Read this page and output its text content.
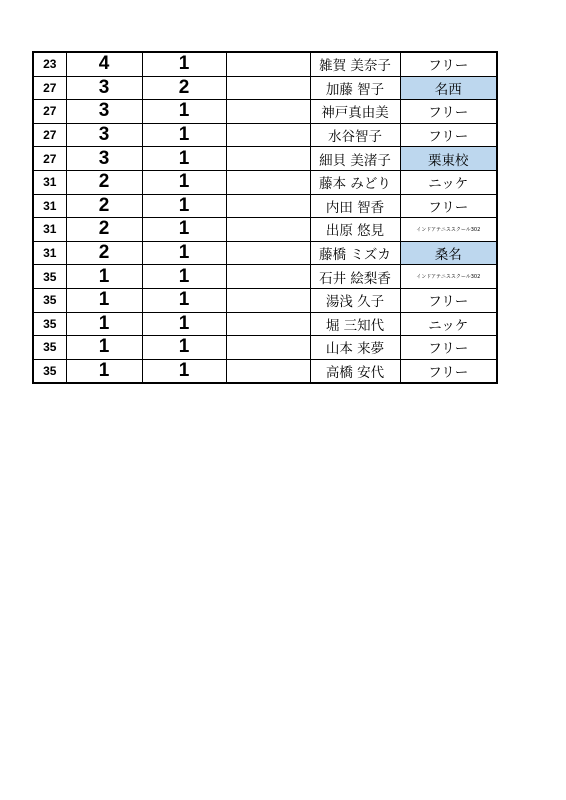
23	4	1		雑賀 美奈子	フリー
27	3	2		加藤 智子	名西
27	3	1		神戸真由美	フリー
27	3	1		水谷智子	フリー
27	3	1		細貝 美渚子	栗東校
31	2	1		藤本 みどり	ニッケ
31	2	1		内田 智香	フリー
31	2	1		出原 悠見	インドアテニススクール302
31	2	1		藤橋 ミズカ	桑名
35	1	1		石井 絵梨香	インドアテニススクール302
35	1	1		湯浅 久子	フリー
35	1	1		堀 三知代	ニッケ
35	1	1		山本 来夢	フリー
35	1	1		高橋 安代	フリー
